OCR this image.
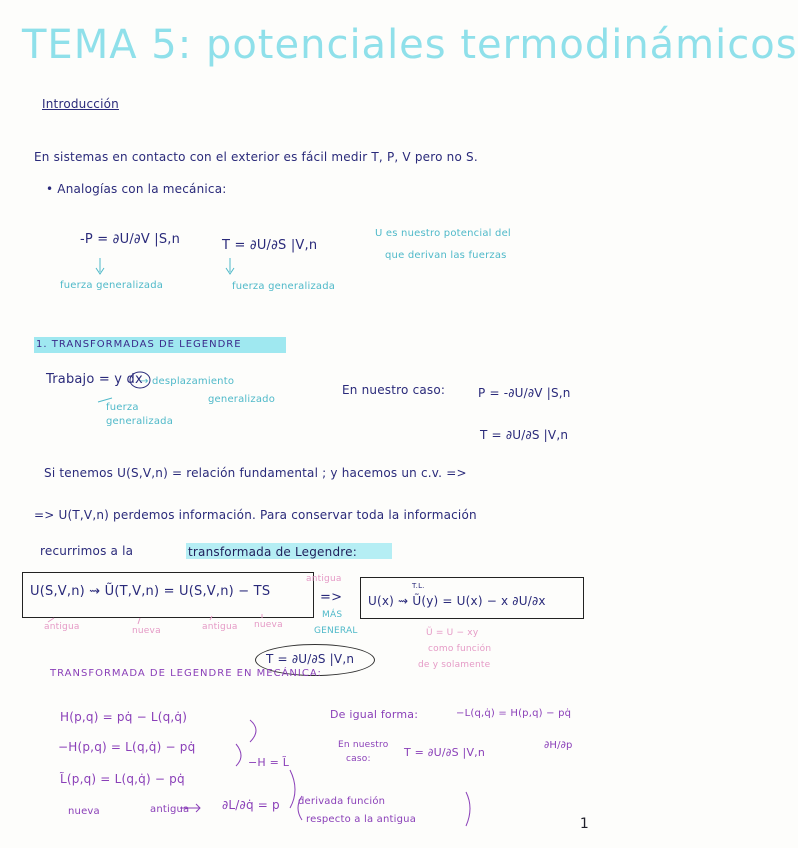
TEMA 5: potenciales termodinámicos
Introducción
En sistemas en contacto con el exterior es fácil medir T, P, V pero no S.
• Analogías con la mecánica:
-P = ∂U/∂V |S,n	T = ∂U/∂S |V,n
U es nuestro potencial del
que derivan las fuerzas
fuerza generalizada	fuerza generalizada
1. TRANSFORMADAS DE LEGENDRE
Trabajo = y dx
→ desplazamiento
generalizado
fuerza
generalizada
En nuestro caso:	P = -∂U/∂V |S,n
T = ∂U/∂S |V,n
Si tenemos U(S,V,n) = relación fundamental ; y hacemos un c.v. =>
=> U(T,V,n) perdemos información. Para conservar toda la información
recurrimos a la	transformada de Legendre:
U(S,V,n) ⇝ Ũ(T,V,n) = U(S,V,n) − TS
antigua	nueva	antigua nueva
antigua
=>
MÁS
GENERAL
U(x) ⇝ Ũ(y) = U(x) − x ∂U/∂x
T.L.
Ũ = U − xy
como función
de y solamente
T = ∂U/∂S |V,n
TRANSFORMADA DE LEGENDRE EN MECÁNICA:
H(p,q) = pq̇ − L(q,q̇)
−H(p,q) = L(q,q̇) − pq̇
L̃(p,q) = L(q,q̇) − pq̇
−H = L̃
De igual forma:	−L(q,q̇) = H(p,q) − pq̇
∂H/∂p
En nuestro
caso:	T = ∂U/∂S |V,n
nueva	antigua	∂L/∂q̇ = p derivada función
respecto a la antigua	1
